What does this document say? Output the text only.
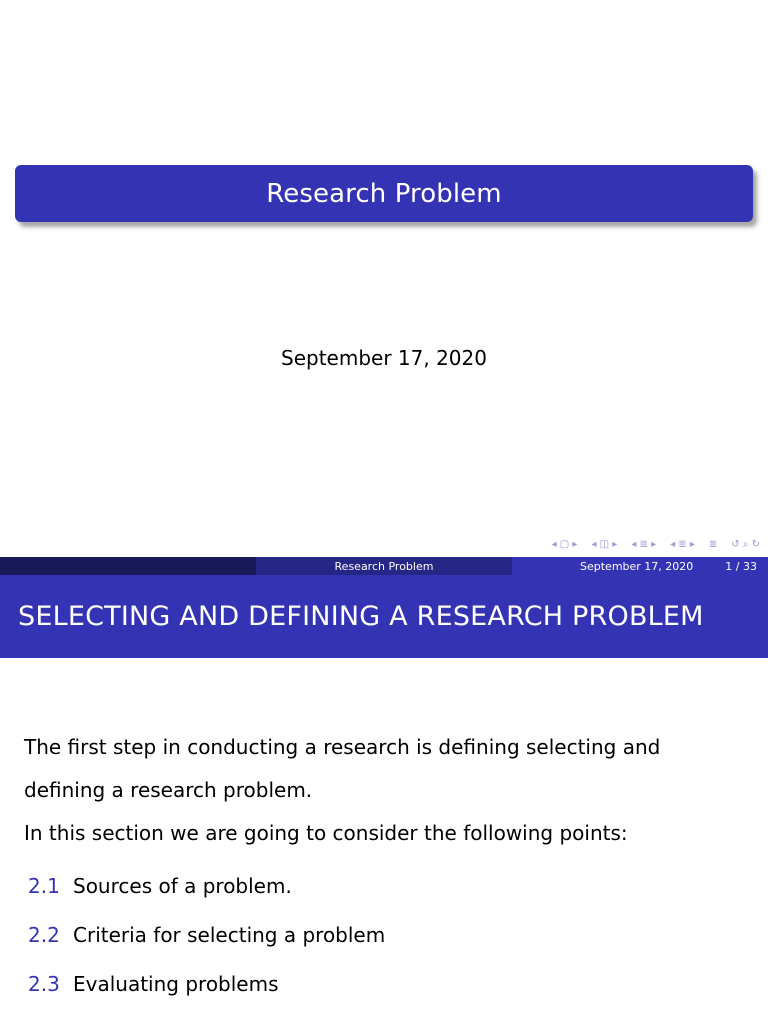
Research Problem
September 17, 2020
◂ ▢ ▸ ◂ ◫ ▸ ◂ ≣ ▸ ◂ ≣ ▸ ≣ ↺ ⌕ ↻
Research Problem	September 17, 2020	1 / 33
SELECTING AND DEFINING A RESEARCH PROBLEM

The first step in conducting a research is defining selecting and defining a research problem.

In this section we are going to consider the following points:

2.1 Sources of a problem.
2.2 Criteria for selecting a problem
2.3 Evaluating problems
